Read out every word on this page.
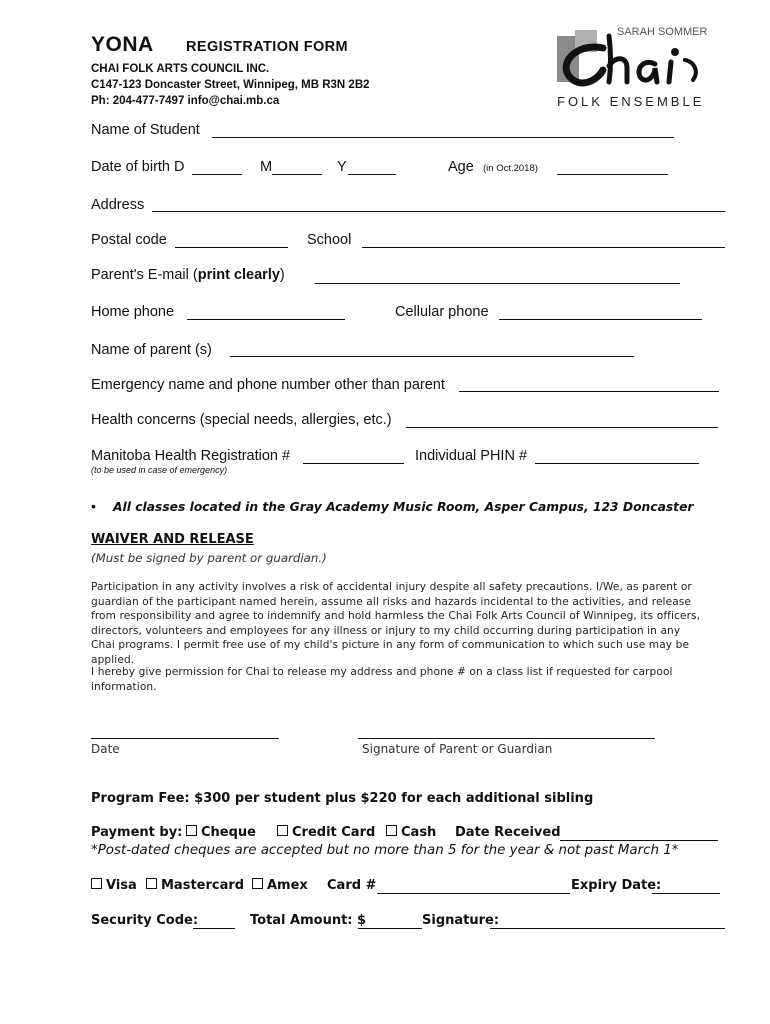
YONA REGISTRATION FORM
CHAI FOLK ARTS COUNCIL INC.
C147-123 Doncaster Street, Winnipeg, MB R3N 2B2
Ph: 204-477-7497 info@chai.mb.ca
SARAH SOMMER
FOLK ENSEMBLE
Name of Student
Date of birth D	M	Y	Age (in Oct.2018)
Address
Postal code	School
Parent's E-mail (print clearly)
Home phone	Cellular phone
Name of parent (s)
Emergency name and phone number other than parent
Health concerns (special needs, allergies, etc.)
Manitoba Health Registration #	Individual PHIN #
(to be used in case of emergency)
• All classes located in the Gray Academy Music Room, Asper Campus, 123 Doncaster
WAIVER AND RELEASE
(Must be signed by parent or guardian.)
Participation in any activity involves a risk of accidental injury despite all safety precautions. I/We, as parent or guardian of the participant named herein, assume all risks and hazards incidental to the activities, and release from responsibility and agree to indemnify and hold harmless the Chai Folk Arts Council of Winnipeg, its officers, directors, volunteers and employees for any illness or injury to my child occurring during participation in any Chai programs. I permit free use of my child's picture in any form of communication to which such use may be applied.
I hereby give permission for Chai to release my address and phone # on a class list if requested for carpool information.
Date	Signature of Parent or Guardian
Program Fee: $300 per student plus $220 for each additional sibling
Payment by:	Cheque	Credit Card	Cash Date Received
*Post-dated cheques are accepted but no more than 5 for the year & not past March 1*
Visa	Mastercard	Amex Card #	Expiry Date:
Security Code:	Total Amount: $	Signature:
